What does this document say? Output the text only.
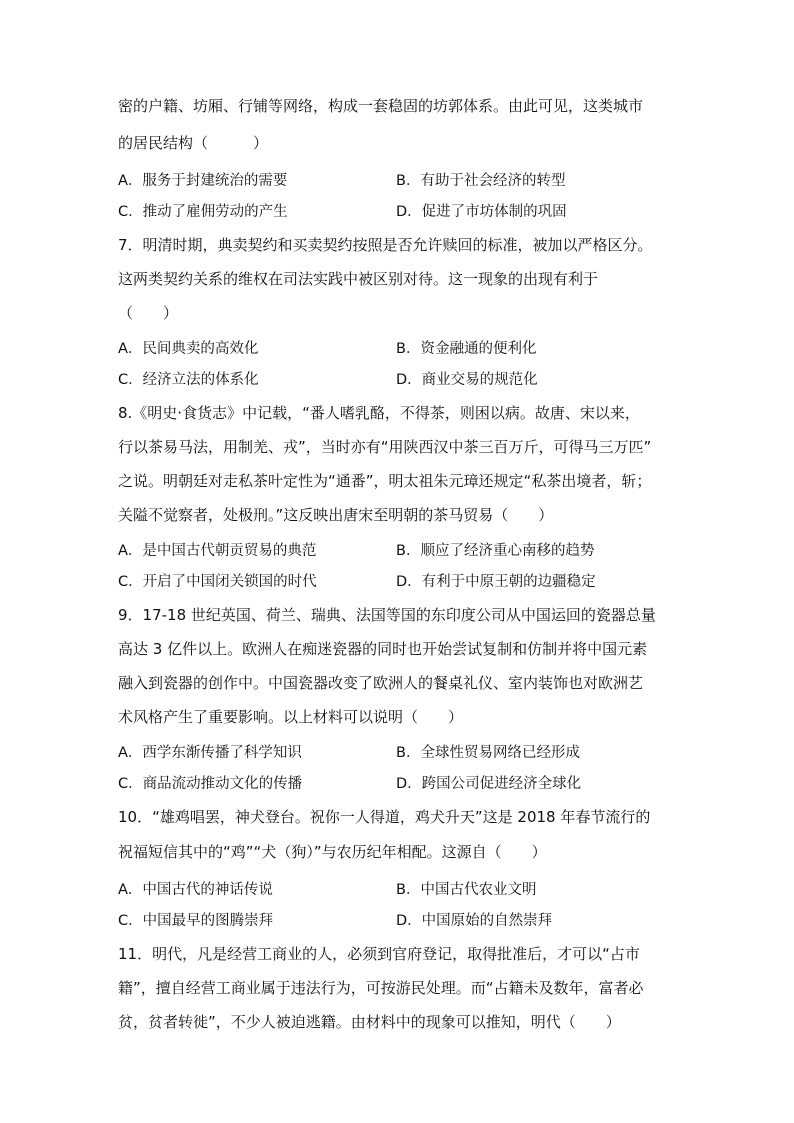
密的户籍、坊厢、行铺等网络，构成一套稳固的坊郭体系。由此可见，这类城市
的居民结构（　　　）
A．服务于封建统治的需要	B．有助于社会经济的转型
C．推动了雇佣劳动的产生	D．促进了市坊体制的巩固
7．明清时期，典卖契约和买卖契约按照是否允许赎回的标准，被加以严格区分。
这两类契约关系的维权在司法实践中被区别对待。这一现象的出现有利于
（　　）
A．民间典卖的高效化	B．资金融通的便利化
C．经济立法的体系化	D．商业交易的规范化
8.《明史·食货志》中记载，“番人嗜乳酪，不得茶，则困以病。故唐、宋以来，
行以茶易马法，用制羌、戎”，当时亦有“用陕西汉中茶三百万斤，可得马三万匹”
之说。明朝廷对走私茶叶定性为“通番”，明太祖朱元璋还规定“私茶出境者，斩；
关隘不觉察者，处极刑。”这反映出唐宋至明朝的茶马贸易（　　）
A．是中国古代朝贡贸易的典范	B．顺应了经济重心南移的趋势
C．开启了中国闭关锁国的时代	D．有利于中原王朝的边疆稳定
9．17-18 世纪英国、荷兰、瑞典、法国等国的东印度公司从中国运回的瓷器总量
高达 3 亿件以上。欧洲人在痴迷瓷器的同时也开始尝试复制和仿制并将中国元素
融入到瓷器的创作中。中国瓷器改变了欧洲人的餐桌礼仪、室内装饰也对欧洲艺
术风格产生了重要影响。以上材料可以说明（　　）
A．西学东渐传播了科学知识	B．全球性贸易网络已经形成
C．商品流动推动文化的传播	D．跨国公司促进经济全球化
10．“雄鸡唱罢，神犬登台。祝你一人得道，鸡犬升天”这是 2018 年春节流行的
祝福短信其中的“鸡”“犬（狗）”与农历纪年相配。这源自（　　）
A．中国古代的神话传说	B．中国古代农业文明
C．中国最早的图腾崇拜	D．中国原始的自然崇拜
11．明代，凡是经营工商业的人，必须到官府登记，取得批准后，才可以“占市
籍”，擅自经营工商业属于违法行为，可按游民处理。而“占籍未及数年，富者必
贫，贫者转徙”，不少人被迫逃籍。由材料中的现象可以推知，明代（　　）
